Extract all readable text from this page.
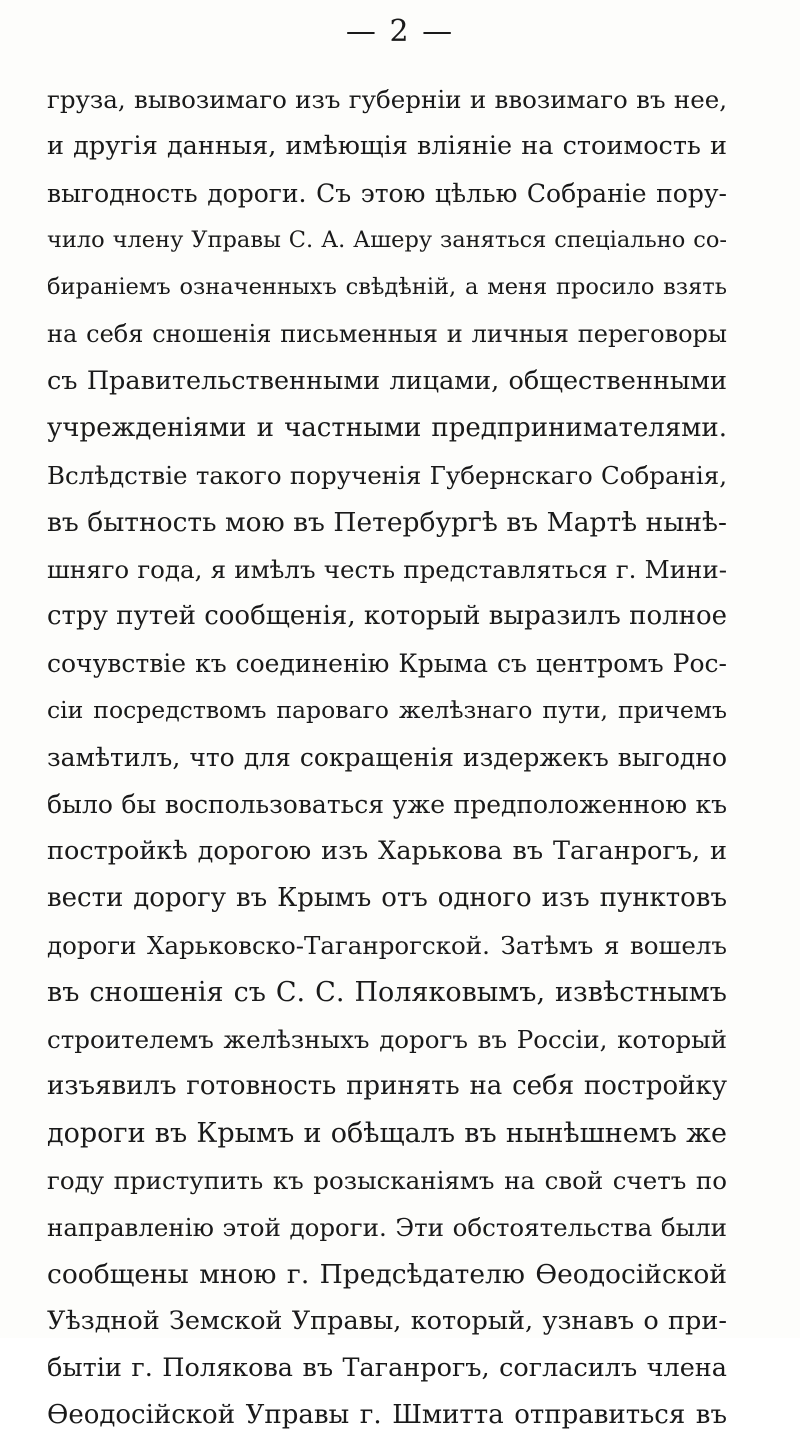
— 2 —
груза, вывозимаго изъ губерніи и ввозимаго въ нее,
и другія данныя, имѣющія вліяніе на стоимость и
выгодность дороги. Съ этою цѣлью Собраніе пору-
чило члену Управы С. А. Ашеру заняться спеціально со-
бираніемъ означенныхъ свѣдѣній, а меня просило взять
на себя сношенія письменныя и личныя переговоры
съ Правительственными лицами, общественными
учрежденіями и частными предпринимателями.
Вслѣдствіе такого порученія Губернскаго Собранія,
въ бытность мою въ Петербургѣ въ Мартѣ нынѣ-
шняго года, я имѣлъ честь представляться г. Мини-
стру путей сообщенія, который выразилъ полное
сочувствіе къ соединенію Крыма съ центромъ Рос-
сіи посредствомъ пароваго желѣзнаго пути, причемъ
замѣтилъ, что для сокращенія издержекъ выгодно
было бы воспользоваться уже предположенною къ
постройкѣ дорогою изъ Харькова въ Таганрогъ, и
вести дорогу въ Крымъ отъ одного изъ пунктовъ
дороги Харьковско-Таганрогской. Затѣмъ я вошелъ
въ сношенія съ С. С. Поляковымъ, извѣстнымъ
строителемъ желѣзныхъ дорогъ въ Россіи, который
изъявилъ готовность принять на себя постройку
дороги въ Крымъ и обѣщалъ въ нынѣшнемъ же
году приступить къ розысканіямъ на свой счетъ по
направленію этой дороги. Эти обстоятельства были
сообщены мною г. Предсѣдателю Ѳеодосійской
Уѣздной Земской Управы, который, узнавъ о при-
бытіи г. Полякова въ Таганрогъ, согласилъ члена
Ѳеодосійской Управы г. Шмитта отправиться въ
